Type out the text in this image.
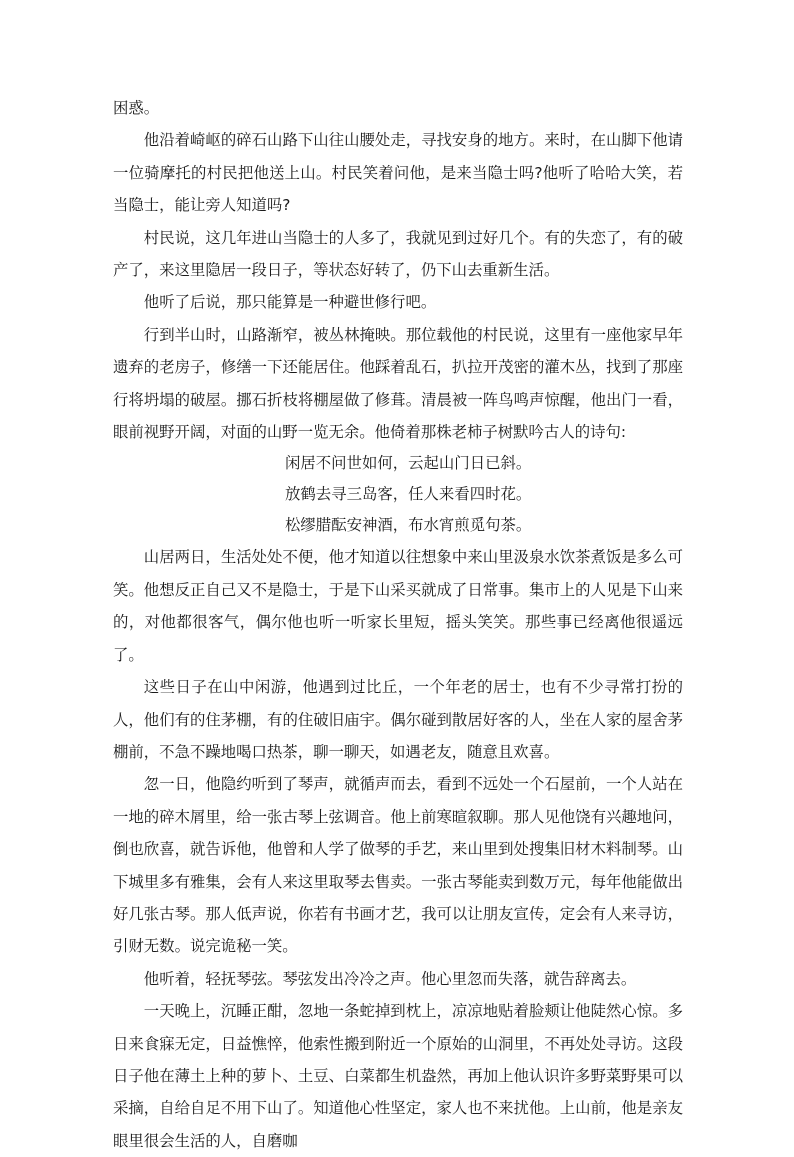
困惑。

他沿着崎岖的碎石山路下山往山腰处走，寻找安身的地方。来时，在山脚下他请一位骑摩托的村民把他送上山。村民笑着问他，是来当隐士吗?他听了哈哈大笑，若当隐士，能让旁人知道吗?

村民说，这几年进山当隐士的人多了，我就见到过好几个。有的失恋了，有的破产了，来这里隐居一段日子，等状态好转了，仍下山去重新生活。

他听了后说，那只能算是一种避世修行吧。

行到半山时，山路渐窄，被丛林掩映。那位载他的村民说，这里有一座他家早年遗弃的老房子，修缮一下还能居住。他踩着乱石，扒拉开茂密的灌木丛，找到了那座行将坍塌的破屋。挪石折枝将棚屋做了修葺。清晨被一阵鸟鸣声惊醒，他出门一看，眼前视野开阔，对面的山野一览无余。他倚着那株老柿子树默吟古人的诗句:

闲居不问世如何，云起山门日已斜。

放鹤去寻三岛客，任人来看四时花。

松缪腊酝安神酒，布水宵煎觅句茶。

山居两日，生活处处不便，他才知道以往想象中来山里汲泉水饮茶煮饭是多么可笑。他想反正自己又不是隐士，于是下山采买就成了日常事。集市上的人见是下山来的，对他都很客气，偶尔他也听一听家长里短，摇头笑笑。那些事已经离他很遥远了。

这些日子在山中闲游，他遇到过比丘，一个年老的居士，也有不少寻常打扮的人，他们有的住茅棚，有的住破旧庙宇。偶尔碰到散居好客的人，坐在人家的屋舍茅棚前，不急不躁地喝口热茶，聊一聊天，如遇老友，随意且欢喜。

忽一日，他隐约听到了琴声，就循声而去，看到不远处一个石屋前，一个人站在一地的碎木屑里，给一张古琴上弦调音。他上前寒暄叙聊。那人见他饶有兴趣地问，倒也欣喜，就告诉他，他曾和人学了做琴的手艺，来山里到处搜集旧材木料制琴。山下城里多有雅集，会有人来这里取琴去售卖。一张古琴能卖到数万元，每年他能做出好几张古琴。那人低声说，你若有书画才艺，我可以让朋友宣传，定会有人来寻访，引财无数。说完诡秘一笑。

他听着，轻抚琴弦。琴弦发出冷冷之声。他心里忽而失落，就告辞离去。

一天晚上，沉睡正酣，忽地一条蛇掉到枕上，凉凉地贴着脸颊让他陡然心惊。多日来食寐无定，日益憔悴，他索性搬到附近一个原始的山洞里，不再处处寻访。这段日子他在薄土上种的萝卜、土豆、白菜都生机盎然，再加上他认识许多野菜野果可以采摘，自给自足不用下山了。知道他心性坚定，家人也不来扰他。上山前，他是亲友眼里很会生活的人，自磨咖
